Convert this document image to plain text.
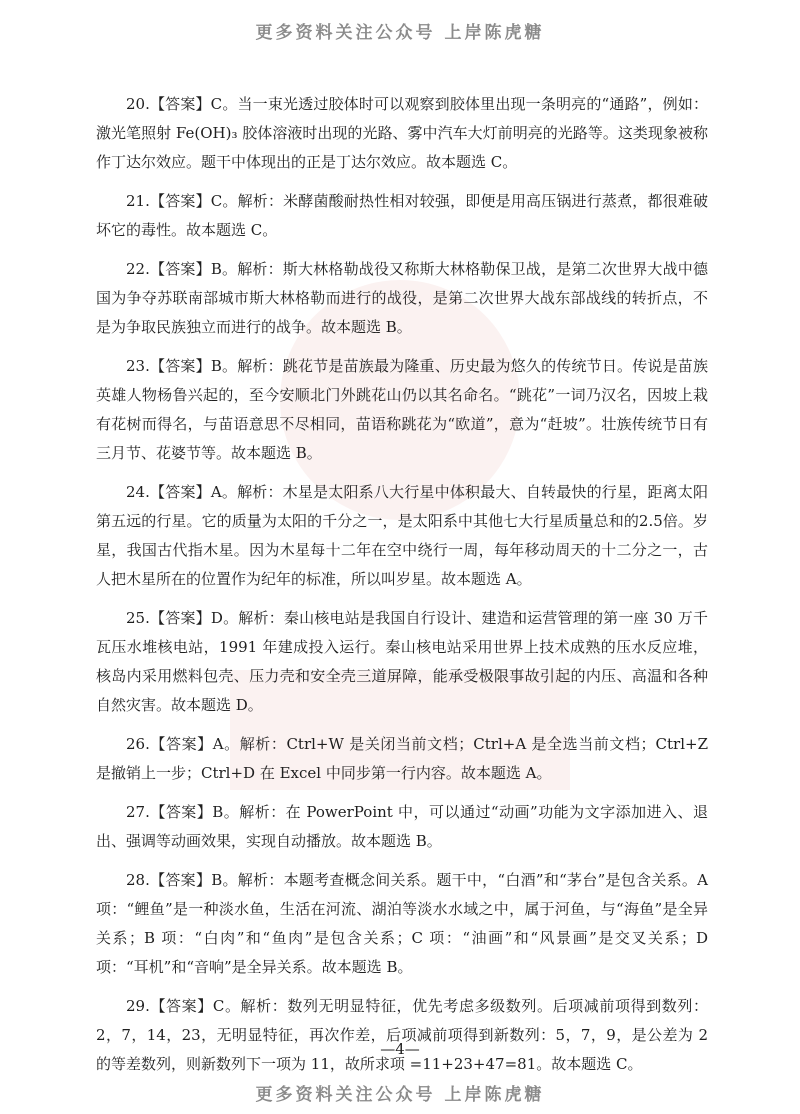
更多资料关注公众号 上岸陈虎糖

20.【答案】C。当一束光透过胶体时可以观察到胶体里出现一条明亮的“通路”，例如：激光笔照射 Fe(OH)₃ 胶体溶液时出现的光路、雾中汽车大灯前明亮的光路等。这类现象被称作丁达尔效应。题干中体现出的正是丁达尔效应。故本题选 C。

21.【答案】C。解析：米酵菌酸耐热性相对较强，即便是用高压锅进行蒸煮，都很难破坏它的毒性。故本题选 C。

22.【答案】B。解析：斯大林格勒战役又称斯大林格勒保卫战，是第二次世界大战中德国为争夺苏联南部城市斯大林格勒而进行的战役，是第二次世界大战东部战线的转折点，不是为争取民族独立而进行的战争。故本题选 B。

23.【答案】B。解析：跳花节是苗族最为隆重、历史最为悠久的传统节日。传说是苗族英雄人物杨鲁兴起的，至今安顺北门外跳花山仍以其名命名。“跳花”一词乃汉名，因坡上栽有花树而得名，与苗语意思不尽相同，苗语称跳花为“欧道”，意为“赶坡”。壮族传统节日有三月节、花婆节等。故本题选 B。

24.【答案】A。解析：木星是太阳系八大行星中体积最大、自转最快的行星，距离太阳第五远的行星。它的质量为太阳的千分之一，是太阳系中其他七大行星质量总和的2.5倍。岁星，我国古代指木星。因为木星每十二年在空中绕行一周，每年移动周天的十二分之一，古人把木星所在的位置作为纪年的标准，所以叫岁星。故本题选 A。

25.【答案】D。解析：秦山核电站是我国自行设计、建造和运营管理的第一座 30 万千瓦压水堆核电站，1991 年建成投入运行。秦山核电站采用世界上技术成熟的压水反应堆，核岛内采用燃料包壳、压力壳和安全壳三道屏障，能承受极限事故引起的内压、高温和各种自然灾害。故本题选 D。

26.【答案】A。解析：Ctrl+W 是关闭当前文档；Ctrl+A 是全选当前文档；Ctrl+Z 是撤销上一步；Ctrl+D 在 Excel 中同步第一行内容。故本题选 A。

27.【答案】B。解析：在 PowerPoint 中，可以通过“动画”功能为文字添加进入、退出、强调等动画效果，实现自动播放。故本题选 B。

28.【答案】B。解析：本题考查概念间关系。题干中，“白酒”和“茅台”是包含关系。A 项：“鲤鱼”是一种淡水鱼，生活在河流、湖泊等淡水水域之中，属于河鱼，与“海鱼”是全异关系；B 项：“白肉”和“鱼肉”是包含关系；C 项：“油画”和“风景画”是交叉关系；D 项：“耳机”和“音响”是全异关系。故本题选 B。

29.【答案】C。解析：数列无明显特征，优先考虑多级数列。后项减前项得到数列：2，7，14，23，无明显特征，再次作差，后项减前项得到新数列：5，7，9，是公差为 2 的等差数列，则新数列下一项为 11，故所求项 =11+23+47=81。故本题选 C。

—4—
更多资料关注公众号 上岸陈虎糖
